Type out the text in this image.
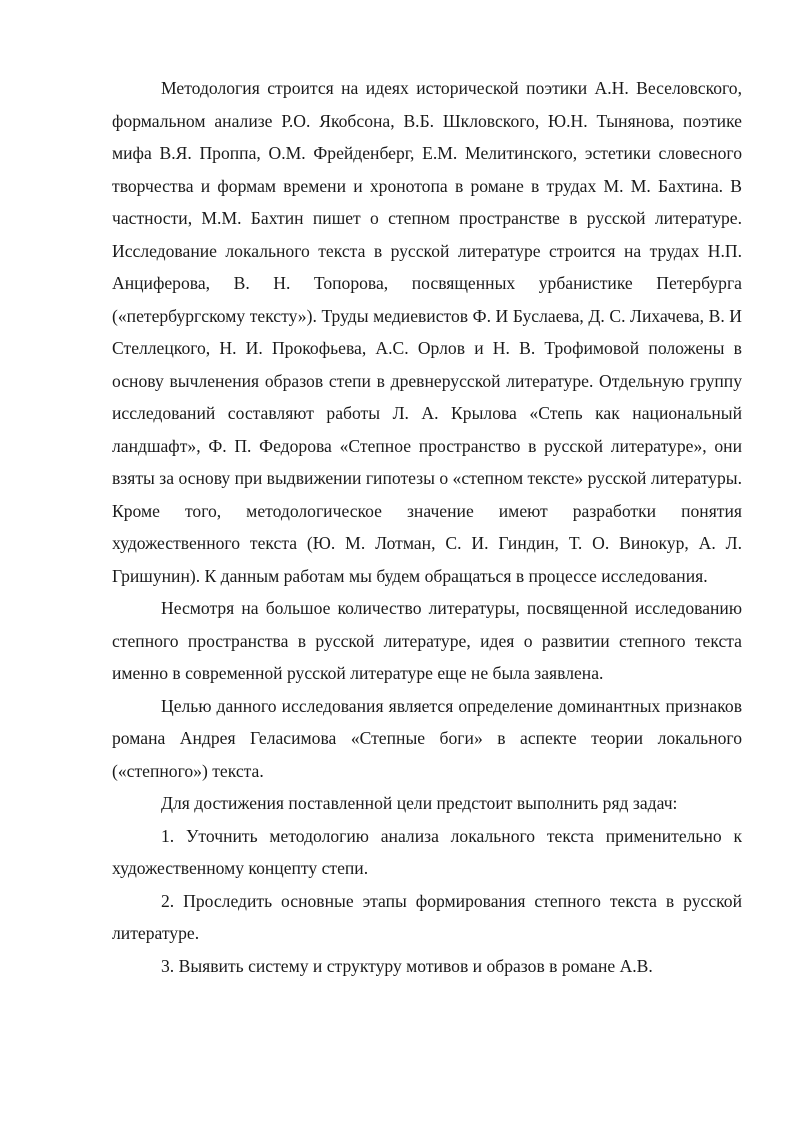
Методология строится на идеях исторической поэтики А.Н. Веселовского, формальном анализе Р.О. Якобсона, В.Б. Шкловского, Ю.Н. Тынянова, поэтике мифа В.Я. Проппа, О.М. Фрейденберг, Е.М. Мелитинского, эстетики словесного творчества и формам времени и хронотопа в романе в трудах М. М. Бахтина. В частности, М.М. Бахтин пишет о степном пространстве в русской литературе. Исследование локального текста в русской литературе строится на трудах Н.П. Анциферова, В. Н. Топорова, посвященных урбанистике Петербурга («петербургскому тексту»). Труды медиевистов Ф. И Буслаева, Д. С. Лихачева, В. И Стеллецкого, Н. И. Прокофьева, А.С. Орлов и Н. В. Трофимовой положены в основу вычленения образов степи в древнерусской литературе. Отдельную группу исследований составляют работы Л. А. Крылова «Степь как национальный ландшафт», Ф. П. Федорова «Степное пространство в русской литературе», они взяты за основу при выдвижении гипотезы о «степном тексте» русской литературы. Кроме того, методологическое значение имеют разработки понятия художественного текста (Ю. М. Лотман, С. И. Гиндин, Т. О. Винокур, А. Л. Гришунин). К данным работам мы будем обращаться в процессе исследования.

Несмотря на большое количество литературы, посвященной исследованию степного пространства в русской литературе, идея о развитии степного текста именно в современной русской литературе еще не была заявлена.

Целью данного исследования является определение доминантных признаков романа Андрея Геласимова «Степные боги» в аспекте теории локального («степного») текста.

Для достижения поставленной цели предстоит выполнить ряд задач:

1. Уточнить методологию анализа локального текста применительно к художественному концепту степи.

2. Проследить основные этапы формирования степного текста в русской литературе.

3. Выявить систему и структуру мотивов и образов в романе А.В.
